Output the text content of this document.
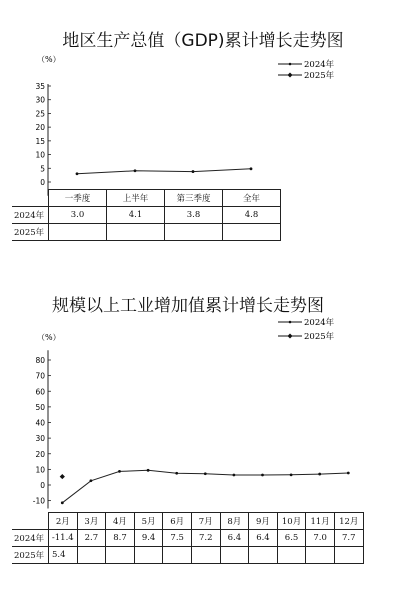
地区生产总值（GDP)累计增长走势图
规模以上工业增加值累计增长走势图
（%）
35
30
25
20
15
10
5
0
2024年
2025年
（%）
80
70
60
50
40
30
20
10
0
-10
2024年
2025年
	一季度	上半年	第三季度	全年
2024年	3.0	4.1	3.8	4.8
2025年				
	2月	3月	4月	5月	6月	7月	8月	9月	10月	11月	12月
2024年	-11.4	2.7	8.7	9.4	7.5	7.2	6.4	6.4	6.5	7.0	7.7
2025年	5.4										
